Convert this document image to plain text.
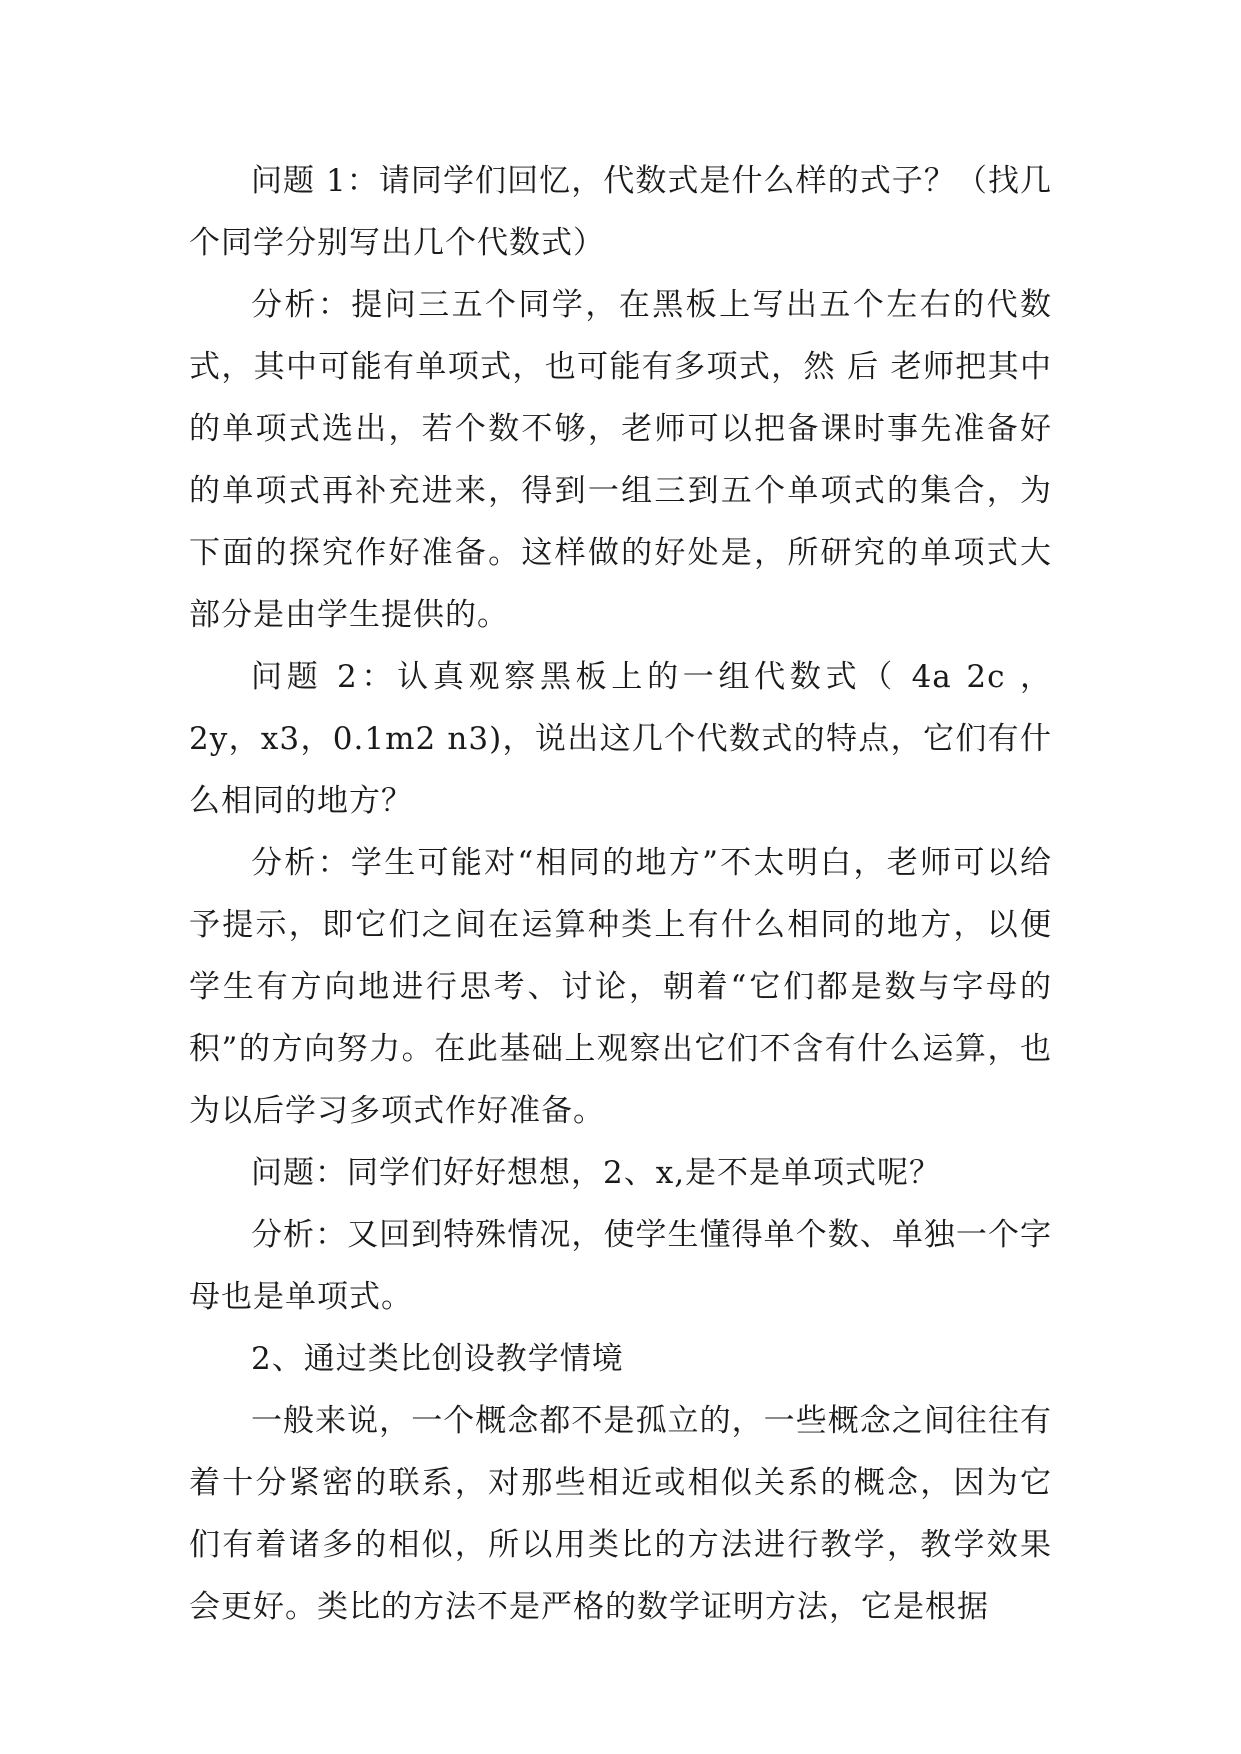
问题 1：请同学们回忆，代数式是什么样的式子？（找几个同学分别写出几个代数式）

分析：提问三五个同学，在黑板上写出五个左右的代数式，其中可能有单项式，也可能有多项式，然 后 老师把其中的单项式选出，若个数不够，老师可以把备课时事先准备好的单项式再补充进来，得到一组三到五个单项式的集合，为下面的探究作好准备。这样做的好处是，所研究的单项式大部分是由学生提供的。

问题 2：认真观察黑板上的一组代数式（ 4a 2c ， 2y，x3，0.1m2 n3)，说出这几个代数式的特点，它们有什么相同的地方？

分析：学生可能对“相同的地方”不太明白，老师可以给予提示，即它们之间在运算种类上有什么相同的地方，以便学生有方向地进行思考、讨论，朝着“它们都是数与字母的积”的方向努力。在此基础上观察出它们不含有什么运算，也为以后学习多项式作好准备。

问题：同学们好好想想，2、x,是不是单项式呢？

分析：又回到特殊情况，使学生懂得单个数、单独一个字母也是单项式。

2、通过类比创设教学情境

一般来说，一个概念都不是孤立的，一些概念之间往往有着十分紧密的联系，对那些相近或相似关系的概念，因为它们有着诸多的相似，所以用类比的方法进行教学，教学效果会更好。类比的方法不是严格的数学证明方法，它是根据
